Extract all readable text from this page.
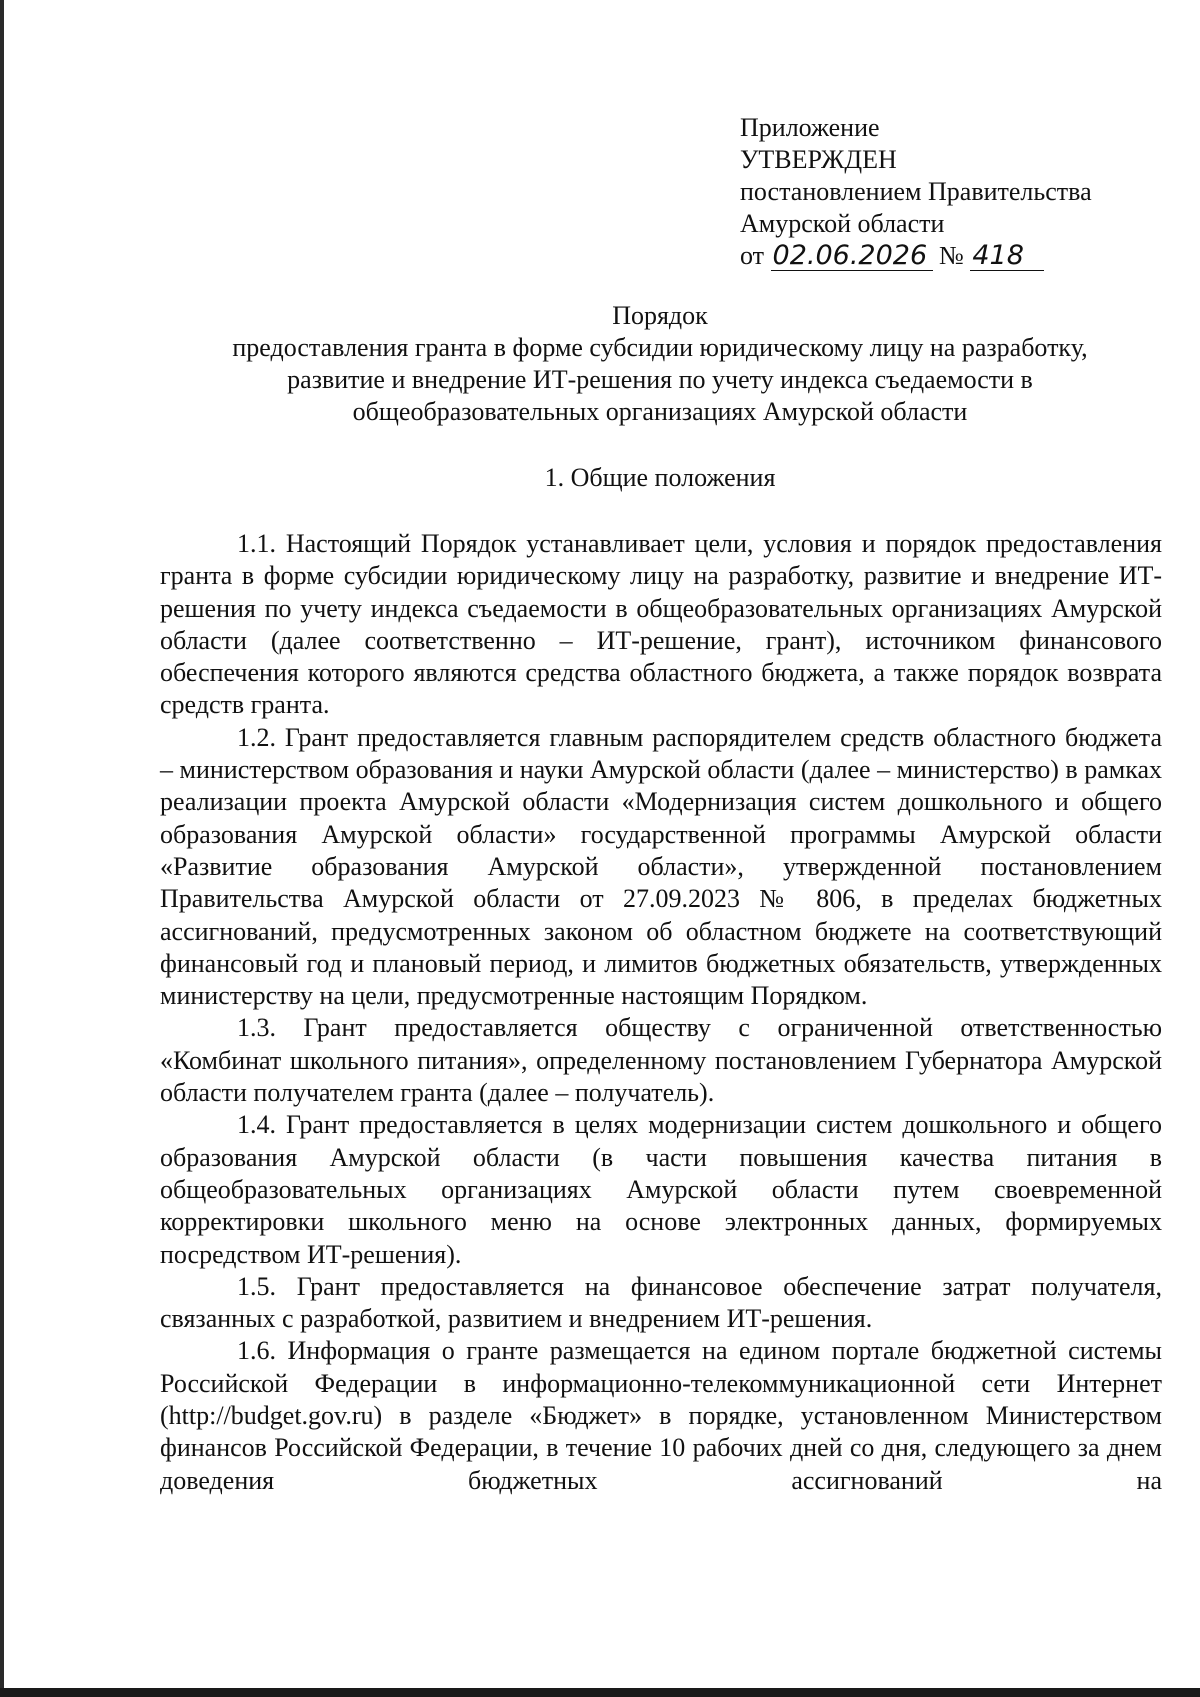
Приложение
УТВЕРЖДЕН
постановлением Правительства
Амурской области
от 02.06.2026 № 418
Порядок
предоставления гранта в форме субсидии юридическому лицу на разработку,
развитие и внедрение ИТ-решения по учету индекса съедаемости в
общеобразовательных организациях Амурской области
1. Общие положения

1.1. Настоящий Порядок устанавливает цели, условия и порядок предоставления гранта в форме субсидии юридическому лицу на разработку, развитие и внедрение ИТ-решения по учету индекса съедаемости в общеобразовательных организациях Амурской области (далее соответственно – ИТ-решение, грант), источником финансового обеспечения которого являются средства областного бюджета, а также порядок возврата средств гранта.

1.2. Грант предоставляется главным распорядителем средств областного бюджета – министерством образования и науки Амурской области (далее – министерство) в рамках реализации проекта Амурской области «Модернизация систем дошкольного и общего образования Амурской области» государственной программы Амурской области «Развитие образования Амурской области», утвержденной постановлением Правительства Амурской области от 27.09.2023 № 806, в пределах бюджетных ассигнований, предусмотренных законом об областном бюджете на соответствующий финансовый год и плановый период, и лимитов бюджетных обязательств, утвержденных министерству на цели, предусмотренные настоящим Порядком.

1.3. Грант предоставляется обществу с ограниченной ответственностью «Комбинат школьного питания», определенному постановлением Губернатора Амурской области получателем гранта (далее – получатель).

1.4. Грант предоставляется в целях модернизации систем дошкольного и общего образования Амурской области (в части повышения качества питания в общеобразовательных организациях Амурской области путем своевременной корректировки школьного меню на основе электронных данных, формируемых посредством ИТ-решения).

1.5. Грант предоставляется на финансовое обеспечение затрат получателя, связанных с разработкой, развитием и внедрением ИТ-решения.

1.6. Информация о гранте размещается на едином портале бюджетной системы Российской Федерации в информационно-телекоммуникационной сети Интернет (http://budget.gov.ru) в разделе «Бюджет» в порядке, установленном Министерством финансов Российской Федерации, в течение 10 рабочих дней со дня, следующего за днем доведения бюджетных ассигнований на
